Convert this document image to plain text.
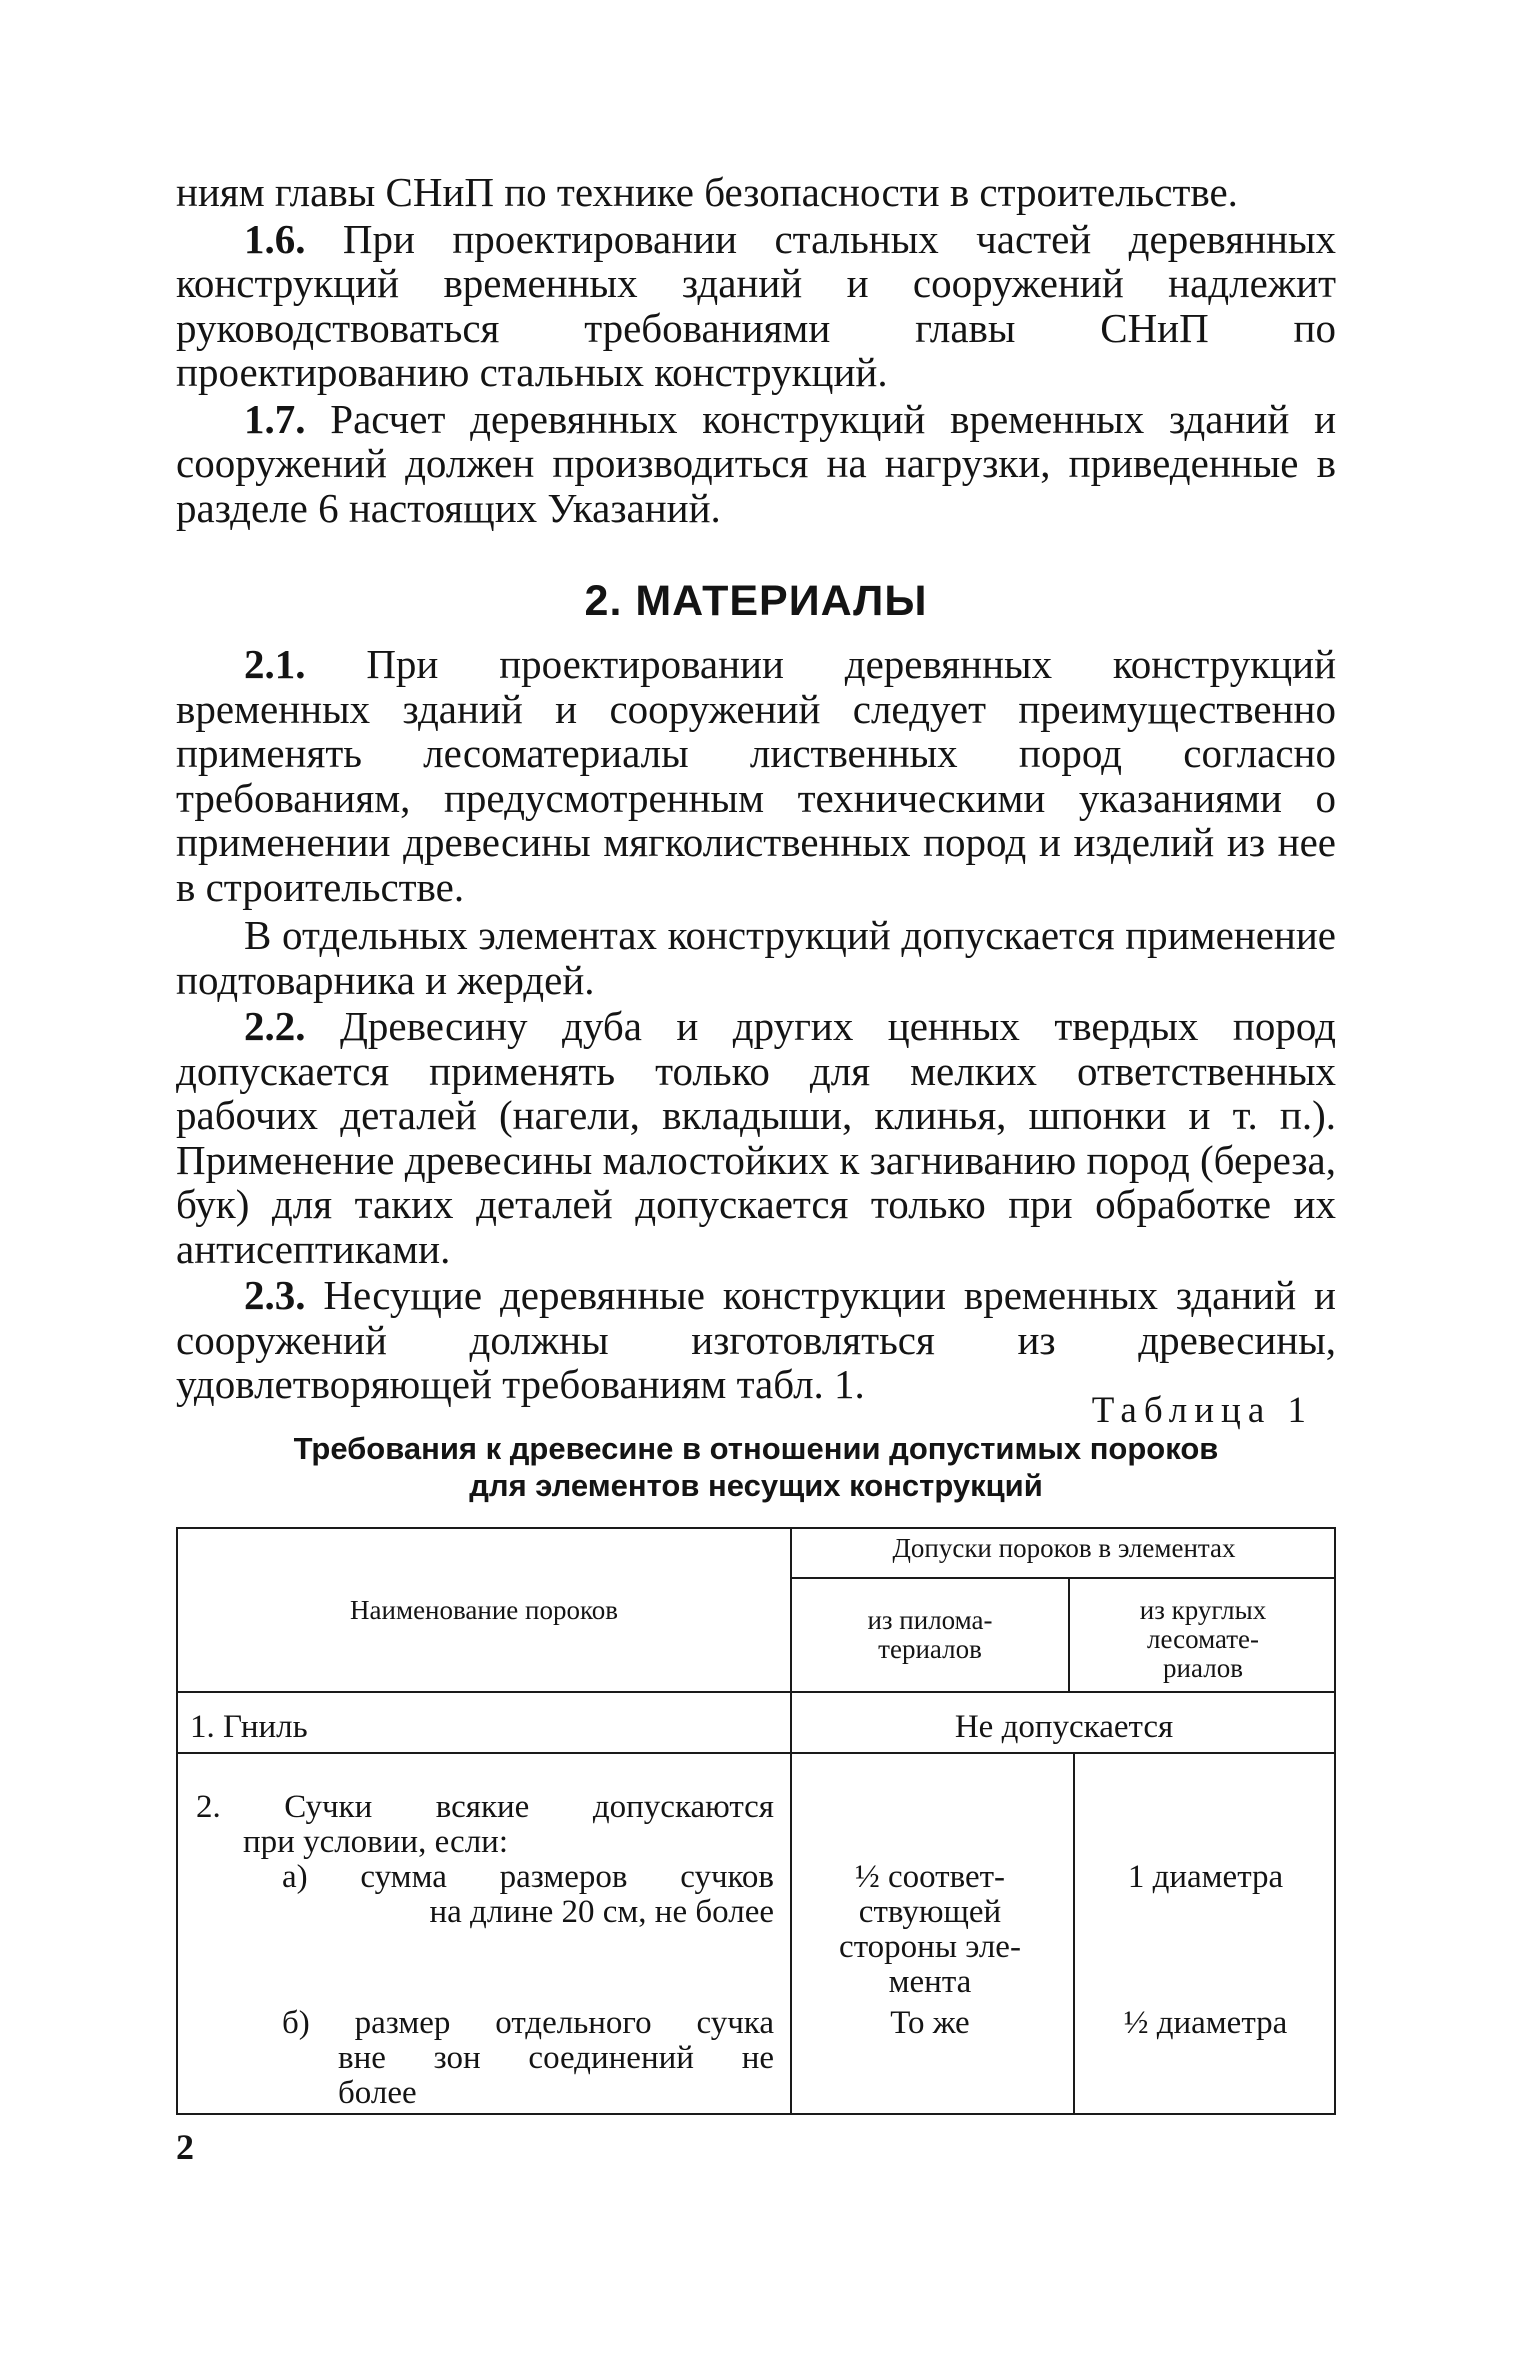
ниям главы СНиП по технике безопасности в строительстве.

1.6. При проектировании стальных частей деревянных конструкций временных зданий и сооружений надлежит руководствоваться требованиями главы СНиП по проектированию стальных конструкций.

1.7. Расчет деревянных конструкций временных зданий и сооружений должен производиться на нагрузки, приведенные в разделе 6 настоящих Указаний.

2. МАТЕРИАЛЫ

2.1. При проектировании деревянных конструкций временных зданий и сооружений следует преимущественно применять лесоматериалы лиственных пород согласно требованиям, предусмотренным техническими указаниями о применении древесины мягколиственных пород и изделий из нее в строительстве.

В отдельных элементах конструкций допускается применение подтоварника и жердей.

2.2. Древесину дуба и других ценных твердых пород допускается применять только для мелких ответственных рабочих деталей (нагели, вкладыши, клинья, шпонки и т. п.). Применение древесины малостойких к загниванию пород (береза, бук) для таких деталей допускается только при обработке их антисептиками.

2.3. Несущие деревянные конструкции временных зданий и сооружений должны изготовляться из древесины, удовлетворяющей требованиям табл. 1.

Таблица 1
Требования к древесине в отношении допустимых пороков
для элементов несущих конструкций
Наименование пороков
Допуски пороков в элементах
из пилома-
териалов
из круглых
лесомате-
риалов
1. Гниль	Не допускается
2. Сучки всякие допускаются
при условии, если:
а) сумма размеров сучков
на длине 20 см, не более
½ соответ-
ствующей
стороны эле-
мента
1 диаметра
б) размер отдельного сучка
вне зон соединений не
более
То же	½ диаметра
2
